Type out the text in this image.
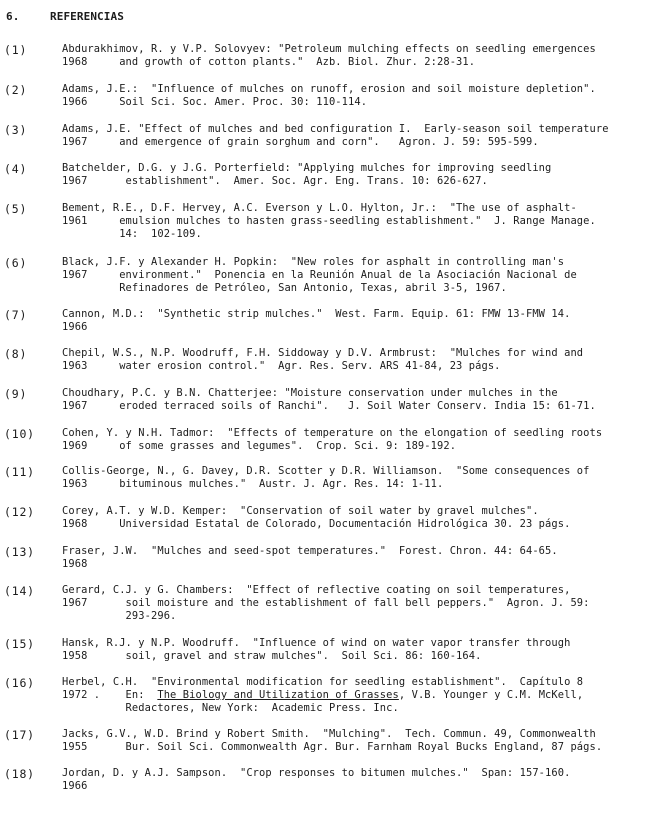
6.	REFERENCIAS
(1)	Abdurakhimov, R. y V.P. Solovyev: "Petroleum mulching effects on seedling emergences
1968     and growth of cotton plants."  Azb. Biol. Zhur. 2:28-31.
(2)	Adams, J.E.:  "Influence of mulches on runoff, erosion and soil moisture depletion".
1966     Soil Sci. Soc. Amer. Proc. 30: 110-114.
(3)	Adams, J.E. "Effect of mulches and bed configuration I.  Early-season soil temperature
1967     and emergence of grain sorghum and corn".   Agron. J. 59: 595-599.
(4)	Batchelder, D.G. y J.G. Porterfield: "Applying mulches for improving seedling
1967      establishment".  Amer. Soc. Agr. Eng. Trans. 10: 626-627.
(5)	Bement, R.E., D.F. Hervey, A.C. Everson y L.O. Hylton, Jr.:  "The use of asphalt-
1961     emulsion mulches to hasten grass-seedling establishment."  J. Range Manage.
14:  102-109.
(6)	Black, J.F. y Alexander H. Popkin:  "New roles for asphalt in controlling man's
1967     environment."  Ponencia en la Reunión Anual de la Asociación Nacional de
Refinadores de Petróleo, San Antonio, Texas, abril 3-5, 1967.
(7)	Cannon, M.D.:  "Synthetic strip mulches."  West. Farm. Equip. 61: FMW 13-FMW 14.
1966
(8)	Chepil, W.S., N.P. Woodruff, F.H. Siddoway y D.V. Armbrust:  "Mulches for wind and
1963     water erosion control."  Agr. Res. Serv. ARS 41-84, 23 págs.
(9)	Choudhary, P.C. y B.N. Chatterjee: "Moisture conservation under mulches in the
1967     eroded terraced soils of Ranchi".   J. Soil Water Conserv. India 15: 61-71.
(10)	Cohen, Y. y N.H. Tadmor:  "Effects of temperature on the elongation of seedling roots
1969     of some grasses and legumes".  Crop. Sci. 9: 189-192.
(11)	Collis-George, N., G. Davey, D.R. Scotter y D.R. Williamson.  "Some consequences of
1963     bituminous mulches."  Austr. J. Agr. Res. 14: 1-11.
(12)	Corey, A.T. y W.D. Kemper:  "Conservation of soil water by gravel mulches".
1968     Universidad Estatal de Colorado, Documentación Hidrológica 30. 23 págs.
(13)	Fraser, J.W.  "Mulches and seed-spot temperatures."  Forest. Chron. 44: 64-65.
1968
(14)	Gerard, C.J. y G. Chambers:  "Effect of reflective coating on soil temperatures,
1967      soil moisture and the establishment of fall bell peppers."  Agron. J. 59:
293-296.
(15)	Hansk, R.J. y N.P. Woodruff.  "Influence of wind on water vapor transfer through
1958      soil, gravel and straw mulches".  Soil Sci. 86: 160-164.
(16)	Herbel, C.H.  "Environmental modification for seedling establishment".  Capítulo 8
1972 .    En:  The Biology and Utilization of Grasses, V.B. Younger y C.M. McKell,
Redactores, New York:  Academic Press. Inc.
(17)	Jacks, G.V., W.D. Brind y Robert Smith.  "Mulching".  Tech. Commun. 49, Commonwealth
1955      Bur. Soil Sci. Commonwealth Agr. Bur. Farnham Royal Bucks England, 87 págs.
(18)	Jordan, D. y A.J. Sampson.  "Crop responses to bitumen mulches."  Span: 157-160.
1966
